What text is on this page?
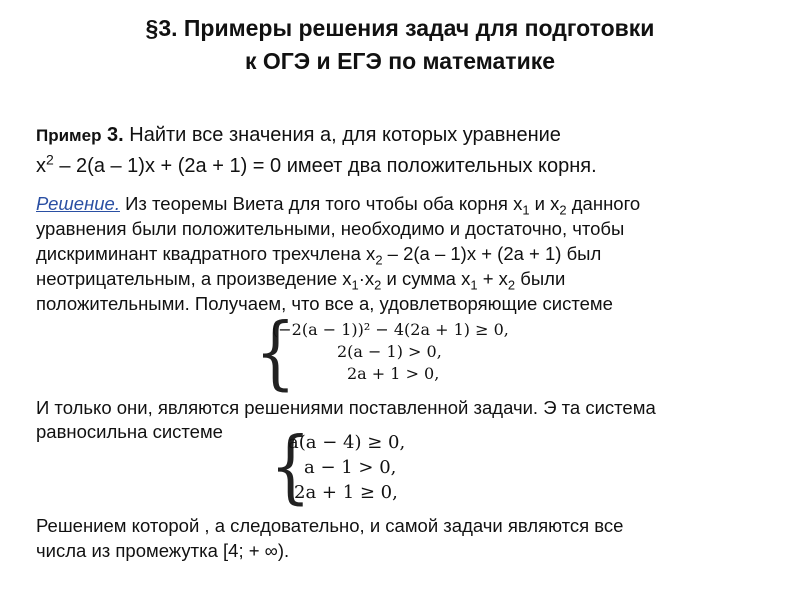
§3. Примеры решения задач для подготовки
к ОГЭ и ЕГЭ по математике
Пример 3. Найти все значения а, для которых уравнение
$x^2 - 2(a - 1)x + (2a + 1) = 0$ имеет два положительных корня.
Решение. Из теоремы Виета для того чтобы оба корня $x_1$ и $x_2$ данного
уравнения были положительными, необходимо и достаточно, чтобы
дискриминант квадратного трехчлена $x_2 - 2(a - 1)x + (2a + 1)$ был
неотрицательным, а произведение $x_1\cdot x_2$ и сумма $x_1 + x_2$ были
положительными. Получаем, что все а, удовлетворяющие системе
{
(−2(a − 1))² − 4(2a + 1) ≥ 0,
2(a − 1) > 0,
2a + 1 > 0,
И только они, являются решениями поставленной задачи. Э та система
равносильна системе {
a(a − 4) ≥ 0,
a − 1 > 0,
2a + 1 ≥ 0,
Решением которой , а следовательно, и самой задачи являются все
числа из промежутка [4; + ∞).
